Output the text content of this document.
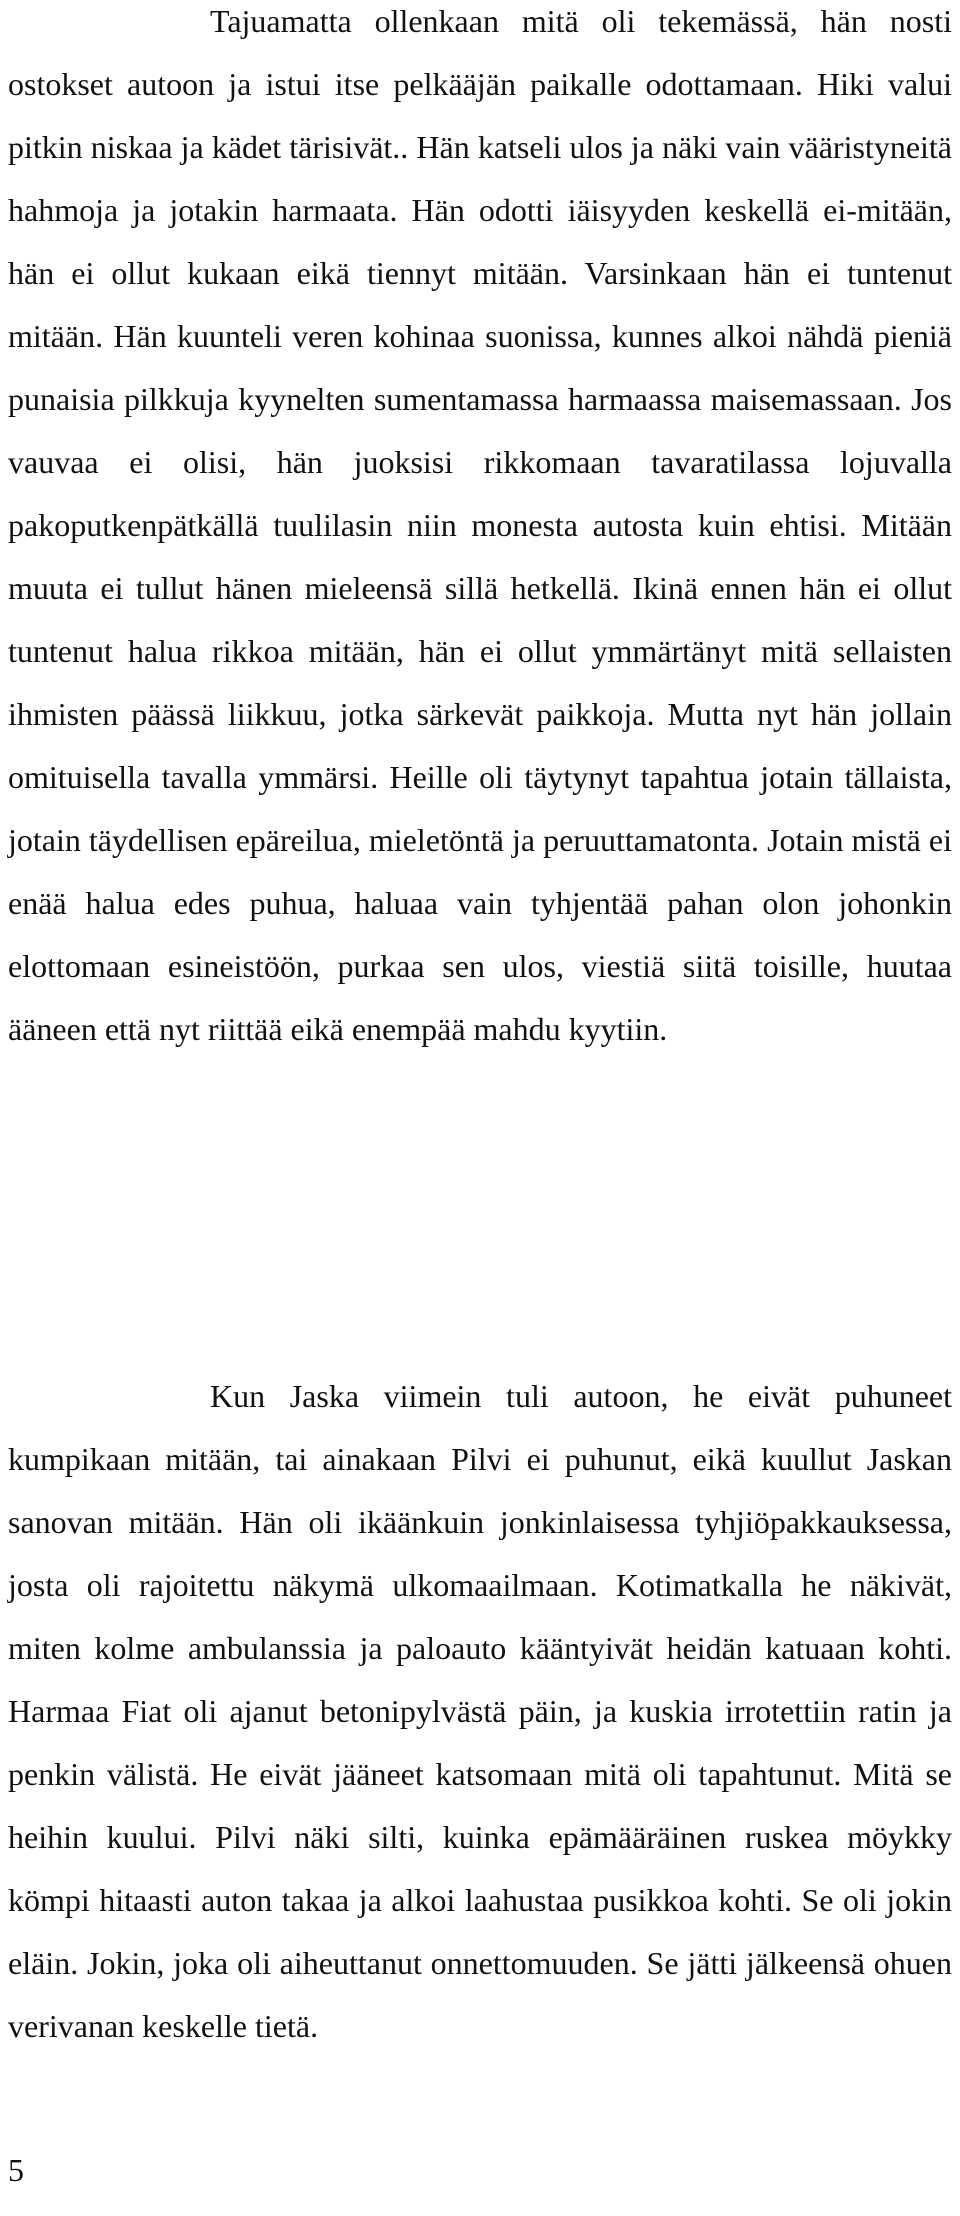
Tajuamatta ollenkaan mitä oli tekemässä, hän nosti ostokset autoon ja istui itse pelkääjän paikalle odottamaan. Hiki valui pitkin niskaa ja kädet tärisivät.. Hän katseli ulos ja näki vain vääristyneitä hahmoja ja jotakin harmaata. Hän odotti iäisyyden keskellä ei-mitään, hän ei ollut kukaan eikä tiennyt mitään. Varsinkaan hän ei tuntenut mitään. Hän kuunteli veren kohinaa suonissa, kunnes alkoi nähdä pieniä punaisia pilkkuja kyynelten sumentamassa harmaassa maisemassaan. Jos vauvaa ei olisi, hän juoksisi rikkomaan tavaratilassa lojuvalla pakoputkenpätkällä tuulilasin niin monesta autosta kuin ehtisi. Mitään muuta ei tullut hänen mieleensä sillä hetkellä. Ikinä ennen hän ei ollut tuntenut halua rikkoa mitään, hän ei ollut ymmärtänyt mitä sellaisten ihmisten päässä liikkuu, jotka särkevät paikkoja. Mutta nyt hän jollain omituisella tavalla ymmärsi. Heille oli täytynyt tapahtua jotain tällaista, jotain täydellisen epäreilua, mieletöntä ja peruuttamatonta. Jotain mistä ei enää halua edes puhua, haluaa vain tyhjentää pahan olon johonkin elottomaan esineistöön, purkaa sen ulos, viestiä siitä toisille, huutaa ääneen että nyt riittää eikä enempää mahdu kyytiin.

Kun Jaska viimein tuli autoon, he eivät puhuneet kumpikaan mitään, tai ainakaan Pilvi ei puhunut, eikä kuullut Jaskan sanovan mitään. Hän oli ikäänkuin jonkinlaisessa tyhjiöpakkauksessa, josta oli rajoitettu näkymä ulkomaailmaan. Kotimatkalla he näkivät, miten kolme ambulanssia ja paloauto kääntyivät heidän katuaan kohti. Harmaa Fiat oli ajanut betonipylvästä päin, ja kuskia irrotettiin ratin ja penkin välistä. He eivät jääneet katsomaan mitä oli tapahtunut. Mitä se heihin kuului. Pilvi näki silti, kuinka epämääräinen ruskea möykky kömpi hitaasti auton takaa ja alkoi laahustaa pusikkoa kohti. Se oli jokin eläin. Jokin, joka oli aiheuttanut onnettomuuden. Se jätti jälkeensä ohuen verivanan keskelle tietä.

5
